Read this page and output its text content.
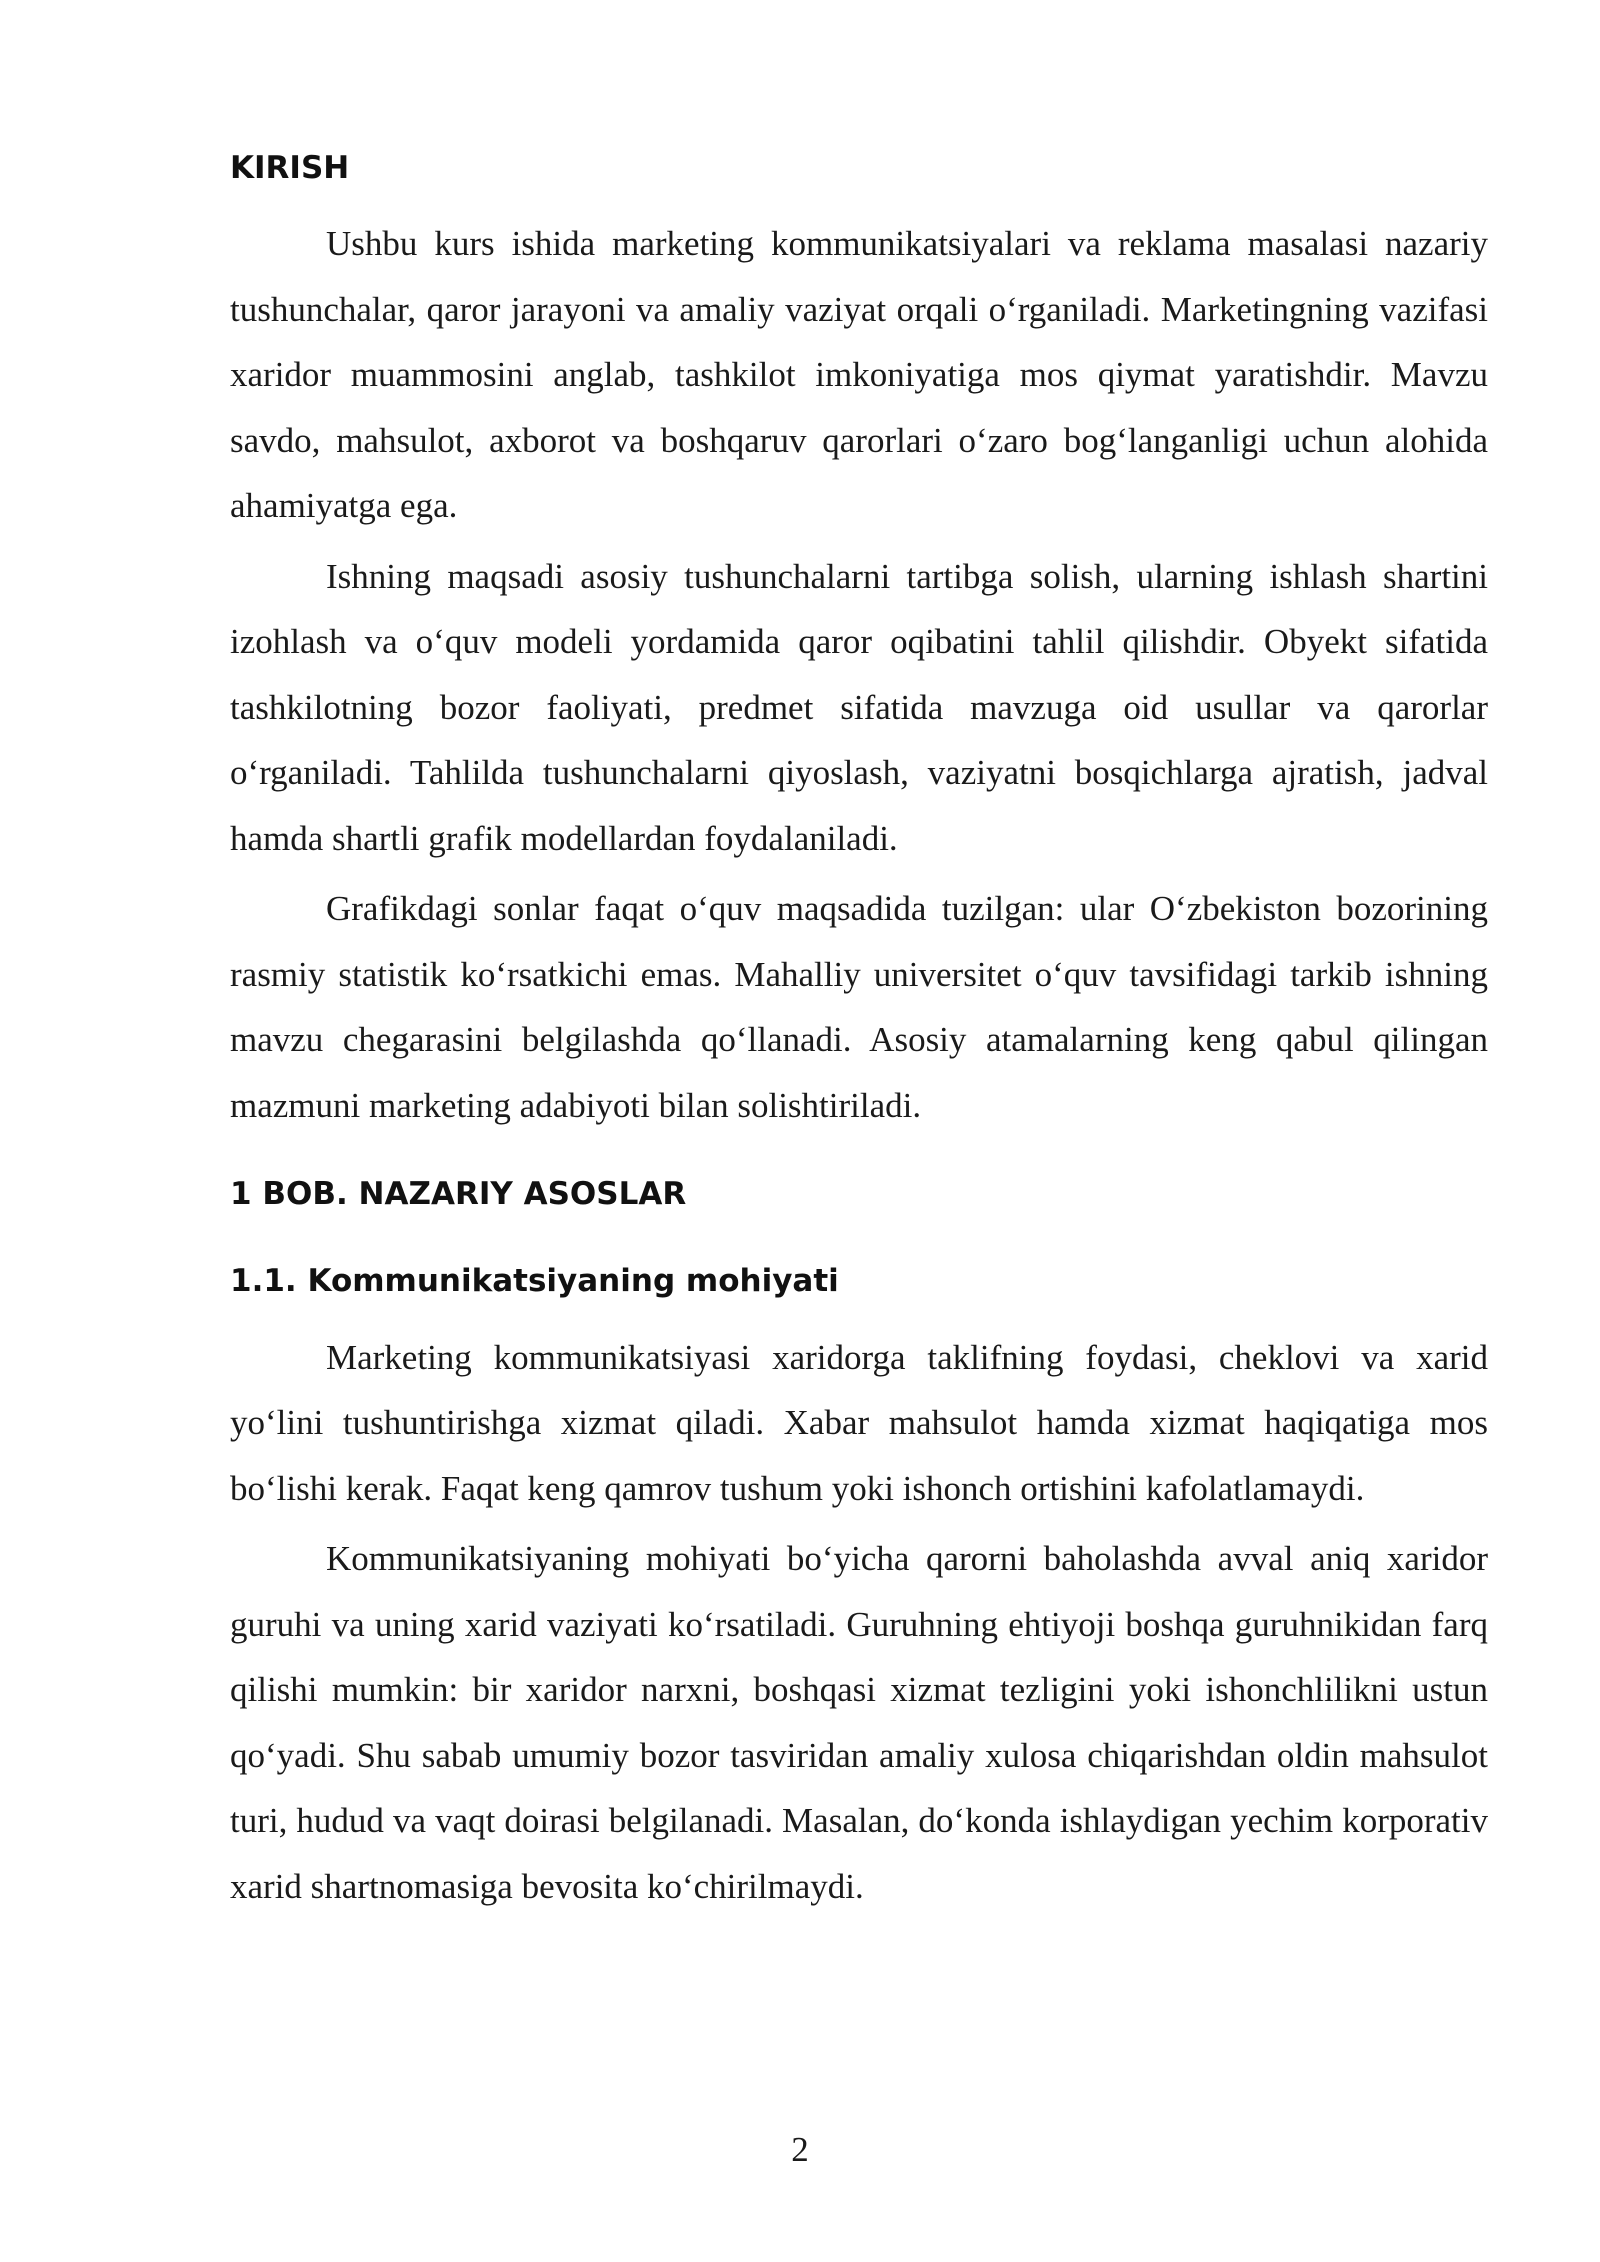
KIRISH

Ushbu kurs ishida marketing kommunikatsiyalari va reklama masalasi nazariy tushunchalar, qaror jarayoni va amaliy vaziyat orqali o‘rganiladi. Marketingning vazifasi xaridor muammosini anglab, tashkilot imkoniyatiga mos qiymat yaratishdir. Mavzu savdo, mahsulot, axborot va boshqaruv qarorlari o‘zaro bog‘langanligi uchun alohida ahamiyatga ega.

Ishning maqsadi asosiy tushunchalarni tartibga solish, ularning ishlash shartini izohlash va o‘quv modeli yordamida qaror oqibatini tahlil qilishdir. Obyekt sifatida tashkilotning bozor faoliyati, predmet sifatida mavzuga oid usullar va qarorlar o‘rganiladi. Tahlilda tushunchalarni qiyoslash, vaziyatni bosqichlarga ajratish, jadval hamda shartli grafik modellardan foydalaniladi.

Grafikdagi sonlar faqat o‘quv maqsadida tuzilgan: ular O‘zbekiston bozorining rasmiy statistik ko‘rsatkichi emas. Mahalliy universitet o‘quv tavsifidagi tarkib ishning mavzu chegarasini belgilashda qo‘llanadi. Asosiy atamalarning keng qabul qilingan mazmuni marketing adabiyoti bilan solishtiriladi.

1 BOB. NAZARIY ASOSLAR
1.1. Kommunikatsiyaning mohiyati

Marketing kommunikatsiyasi xaridorga taklifning foydasi, cheklovi va xarid yo‘lini tushuntirishga xizmat qiladi. Xabar mahsulot hamda xizmat haqiqatiga mos bo‘lishi kerak. Faqat keng qamrov tushum yoki ishonch ortishini kafolatlamaydi.

Kommunikatsiyaning mohiyati bo‘yicha qarorni baholashda avval aniq xaridor guruhi va uning xarid vaziyati ko‘rsatiladi. Guruhning ehtiyoji boshqa guruhnikidan farq qilishi mumkin: bir xaridor narxni, boshqasi xizmat tezligini yoki ishonchlilikni ustun qo‘yadi. Shu sabab umumiy bozor tasviridan amaliy xulosa chiqarishdan oldin mahsulot turi, hudud va vaqt doirasi belgilanadi. Masalan, do‘konda ishlaydigan yechim korporativ xarid shartnomasiga bevosita ko‘chirilmaydi.

2
